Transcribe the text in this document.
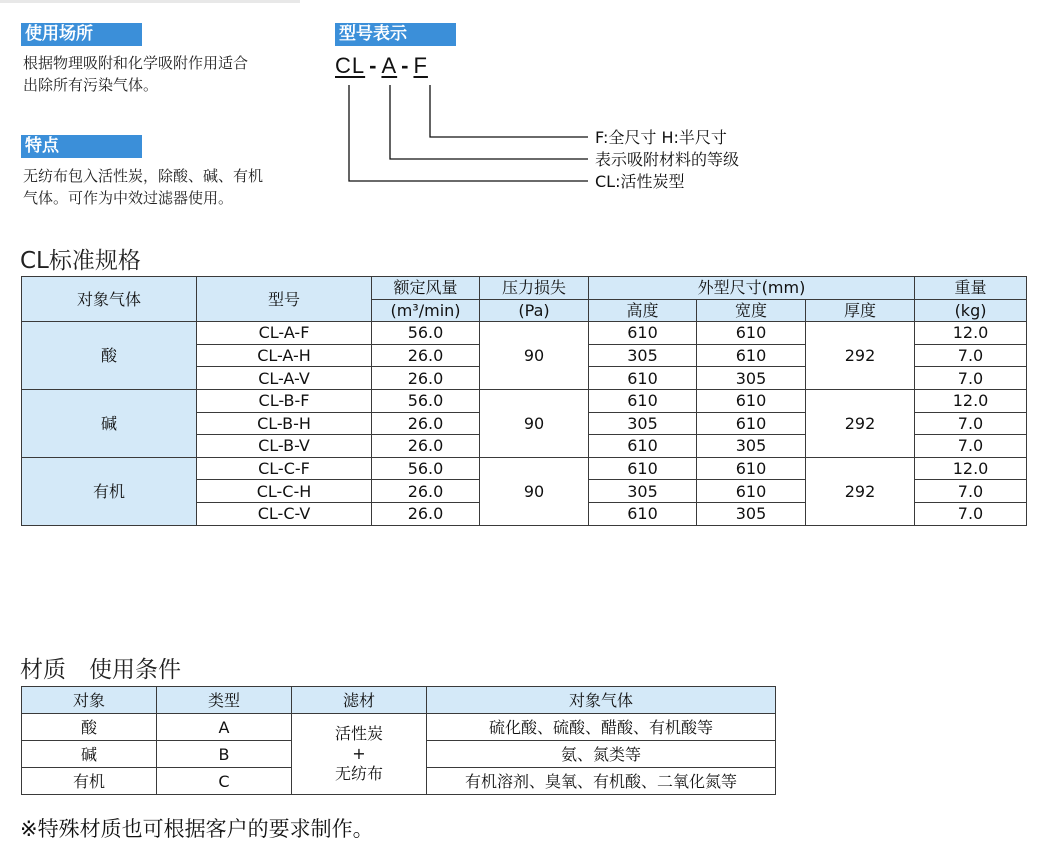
使用场所
根据物理吸附和化学吸附作用适合
出除所有污染气体。
特点
无纺布包入活性炭，除酸、碱、有机
气体。可作为中效过滤器使用。
型号表示
CL - A - F
F:全尺寸 H:半尺寸
表示吸附材料的等级
CL:活性炭型
CL标准规格
对象气体	型号	额定风量	压力损失	外型尺寸(mm)			重量
		(m³/min)	(Pa)	高度	宽度	厚度	(kg)
酸	CL-A-F	56.0	90	610	610	292	12.0
	CL-A-H	26.0		305	610		7.0
	CL-A-V	26.0		610	305		7.0
碱	CL-B-F	56.0	90	610	610	292	12.0
	CL-B-H	26.0		305	610		7.0
	CL-B-V	26.0		610	305		7.0
有机	CL-C-F	56.0	90	610	610	292	12.0
	CL-C-H	26.0		305	610		7.0
	CL-C-V	26.0		610	305		7.0
材质　使用条件
对象	类型	滤材	对象气体
酸	A	活性炭
+
无纺布	硫化酸、硫酸、醋酸、有机酸等
碱	B		氨、氮类等
有机	C		有机溶剂、臭氧、有机酸、二氧化氮等
※特殊材质也可根据客户的要求制作。
